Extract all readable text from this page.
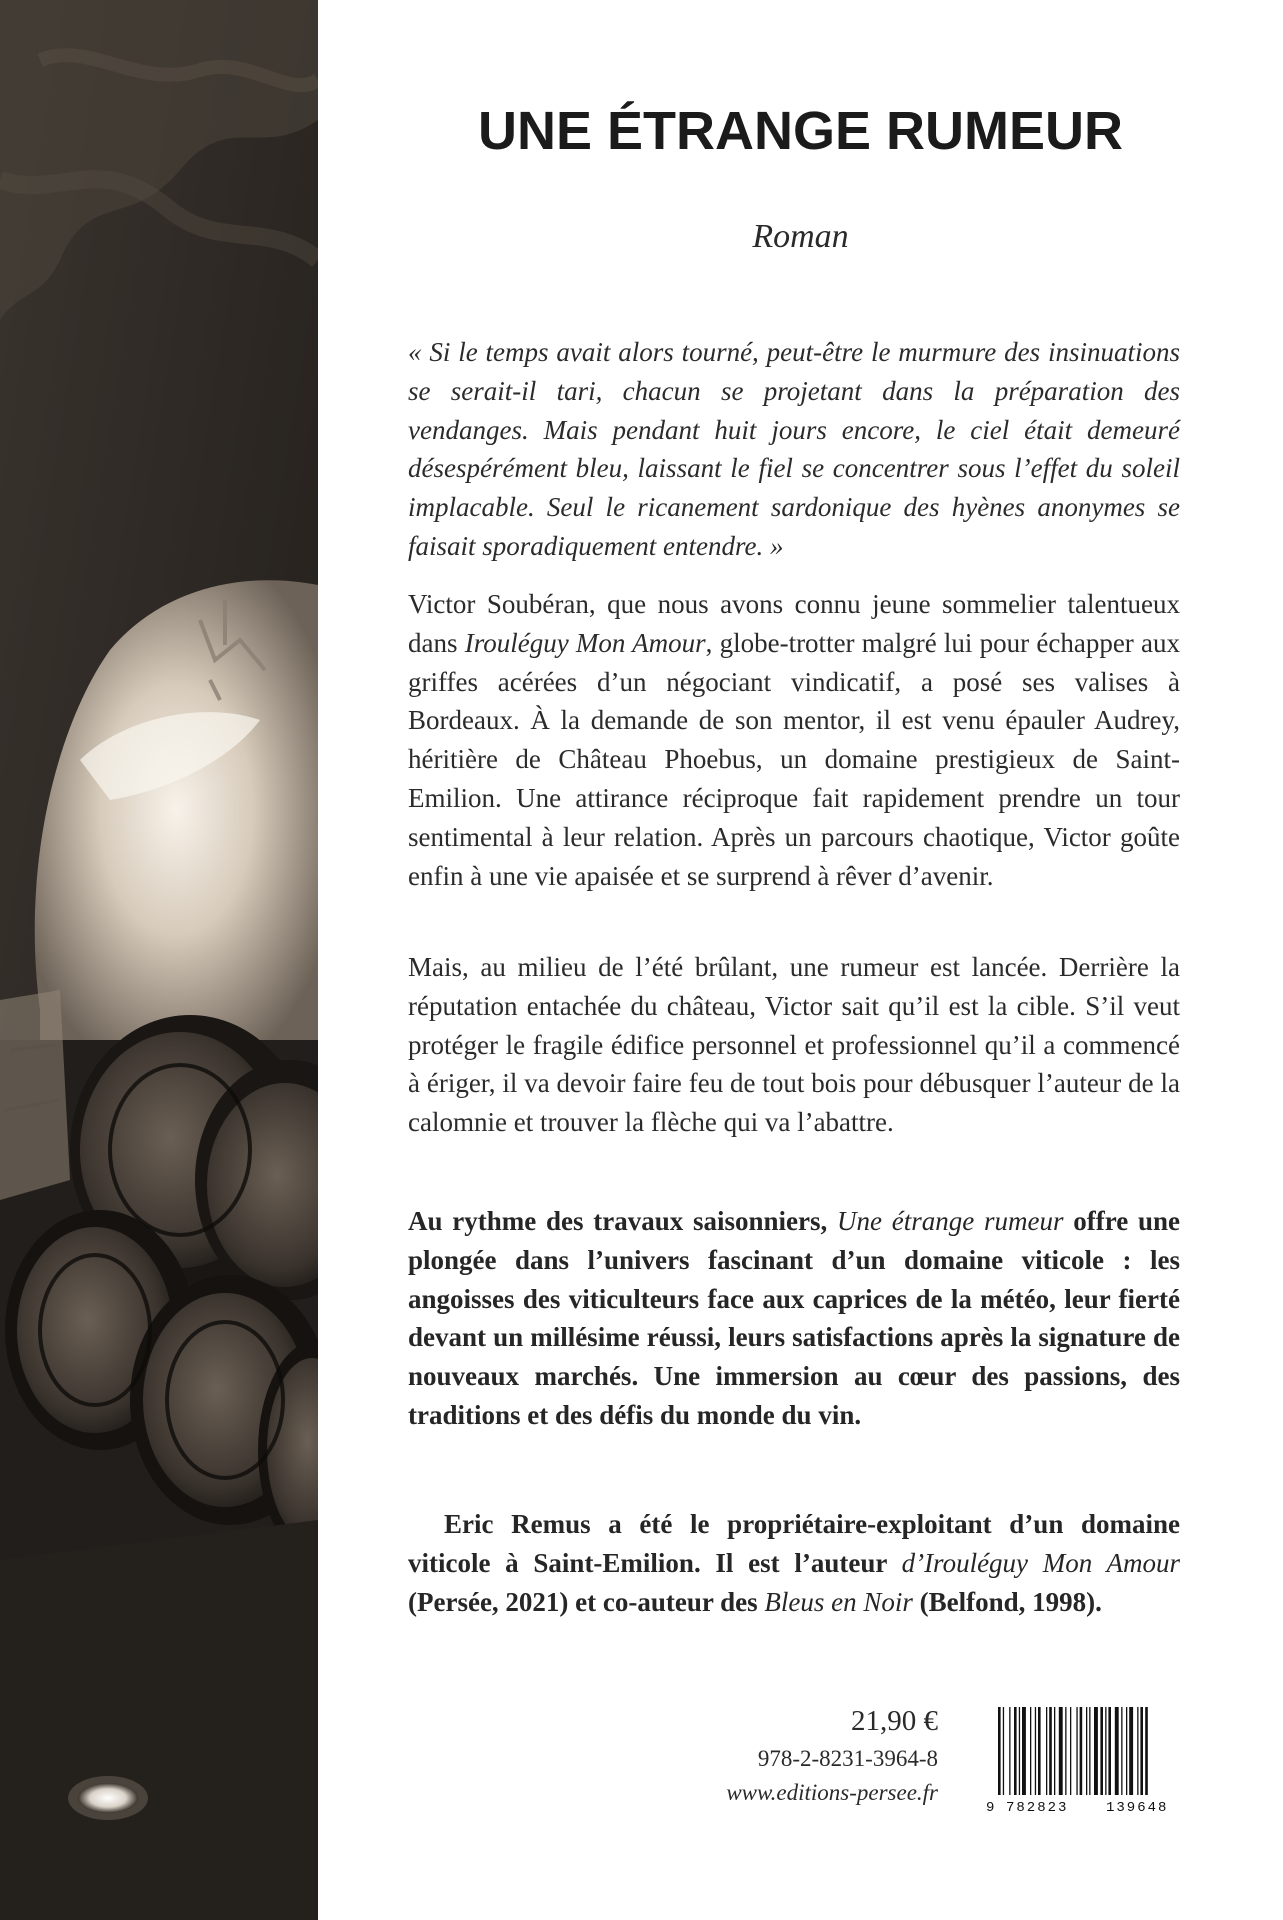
UNE ÉTRANGE RUMEUR

Roman

« Si le temps avait alors tourné, peut-être le murmure des insinuations se serait-il tari, chacun se projetant dans la préparation des vendanges. Mais pendant huit jours encore, le ciel était demeuré désespérément bleu, laissant le fiel se concentrer sous l’effet du soleil implacable. Seul le ricanement sardonique des hyènes anonymes se faisait sporadiquement entendre. »

Victor Soubéran, que nous avons connu jeune sommelier talentueux dans Irouléguy Mon Amour, globe-trotter malgré lui pour échapper aux griffes acérées d’un négociant vindicatif, a posé ses valises à Bordeaux. À la demande de son mentor, il est venu épauler Audrey, héritière de Château Phoebus, un domaine prestigieux de Saint-Emilion. Une attirance réciproque fait rapidement prendre un tour sentimental à leur relation. Après un parcours chaotique, Victor goûte enfin à une vie apaisée et se surprend à rêver d’avenir.

Mais, au milieu de l’été brûlant, une rumeur est lancée. Derrière la réputation entachée du château, Victor sait qu’il est la cible. S’il veut protéger le fragile édifice personnel et professionnel qu’il a commencé à ériger, il va devoir faire feu de tout bois pour débusquer l’auteur de la calomnie et trouver la flèche qui va l’abattre.

Au rythme des travaux saisonniers, Une étrange rumeur offre une plongée dans l’univers fascinant d’un domaine viticole : les angoisses des viticulteurs face aux caprices de la météo, leur fierté devant un millésime réussi, leurs satisfactions après la signature de nouveaux marchés. Une immersion au cœur des passions, des traditions et des défis du monde du vin.

Eric Remus a été le propriétaire-exploitant d’un domaine viticole à Saint-Emilion. Il est l’auteur d’Irouléguy Mon Amour (Persée, 2021) et co-auteur des Bleus en Noir (Belfond, 1998).

21,90 €
978-2-8231-3964-8
www.editions-persee.fr
9 782823	139648
